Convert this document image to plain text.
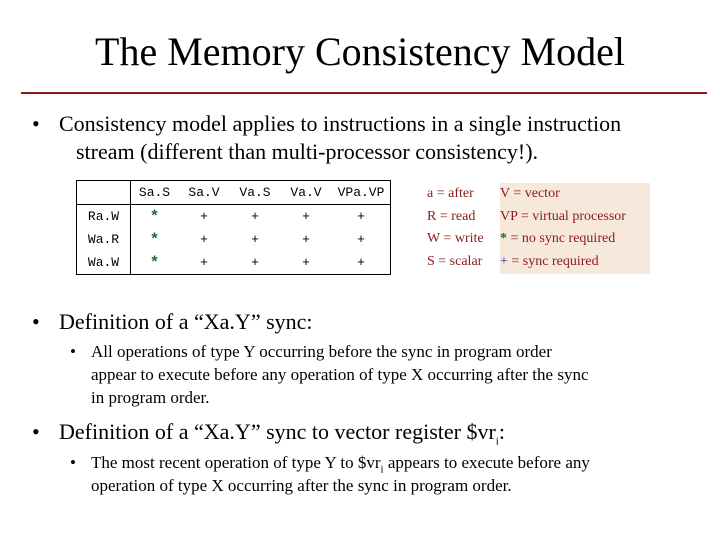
The Memory Consistency Model
• Consistency model applies to instructions in a single instruction
stream (different than multi-processor consistency!).
	Sa.S	Sa.V	Va.S	Va.V	VPa.VP
Ra.W	*	+	+	+	+
Wa.R	*	+	+	+	+
Wa.W	*	+	+	+	+
a = after
R = read
W = write
S = scalar
V = vector
VP = virtual processor
* = no sync required
+ = sync required
• Definition of a “Xa.Y” sync:
• All operations of type Y occurring before the sync in program order
appear to execute before any operation of type X occurring after the sync
in program order.
• Definition of a “Xa.Y” sync to vector register $\$vr_i$:
• The most recent operation of type Y to $\$vr_i$ appears to execute before any
operation of type X occurring after the sync in program order.
